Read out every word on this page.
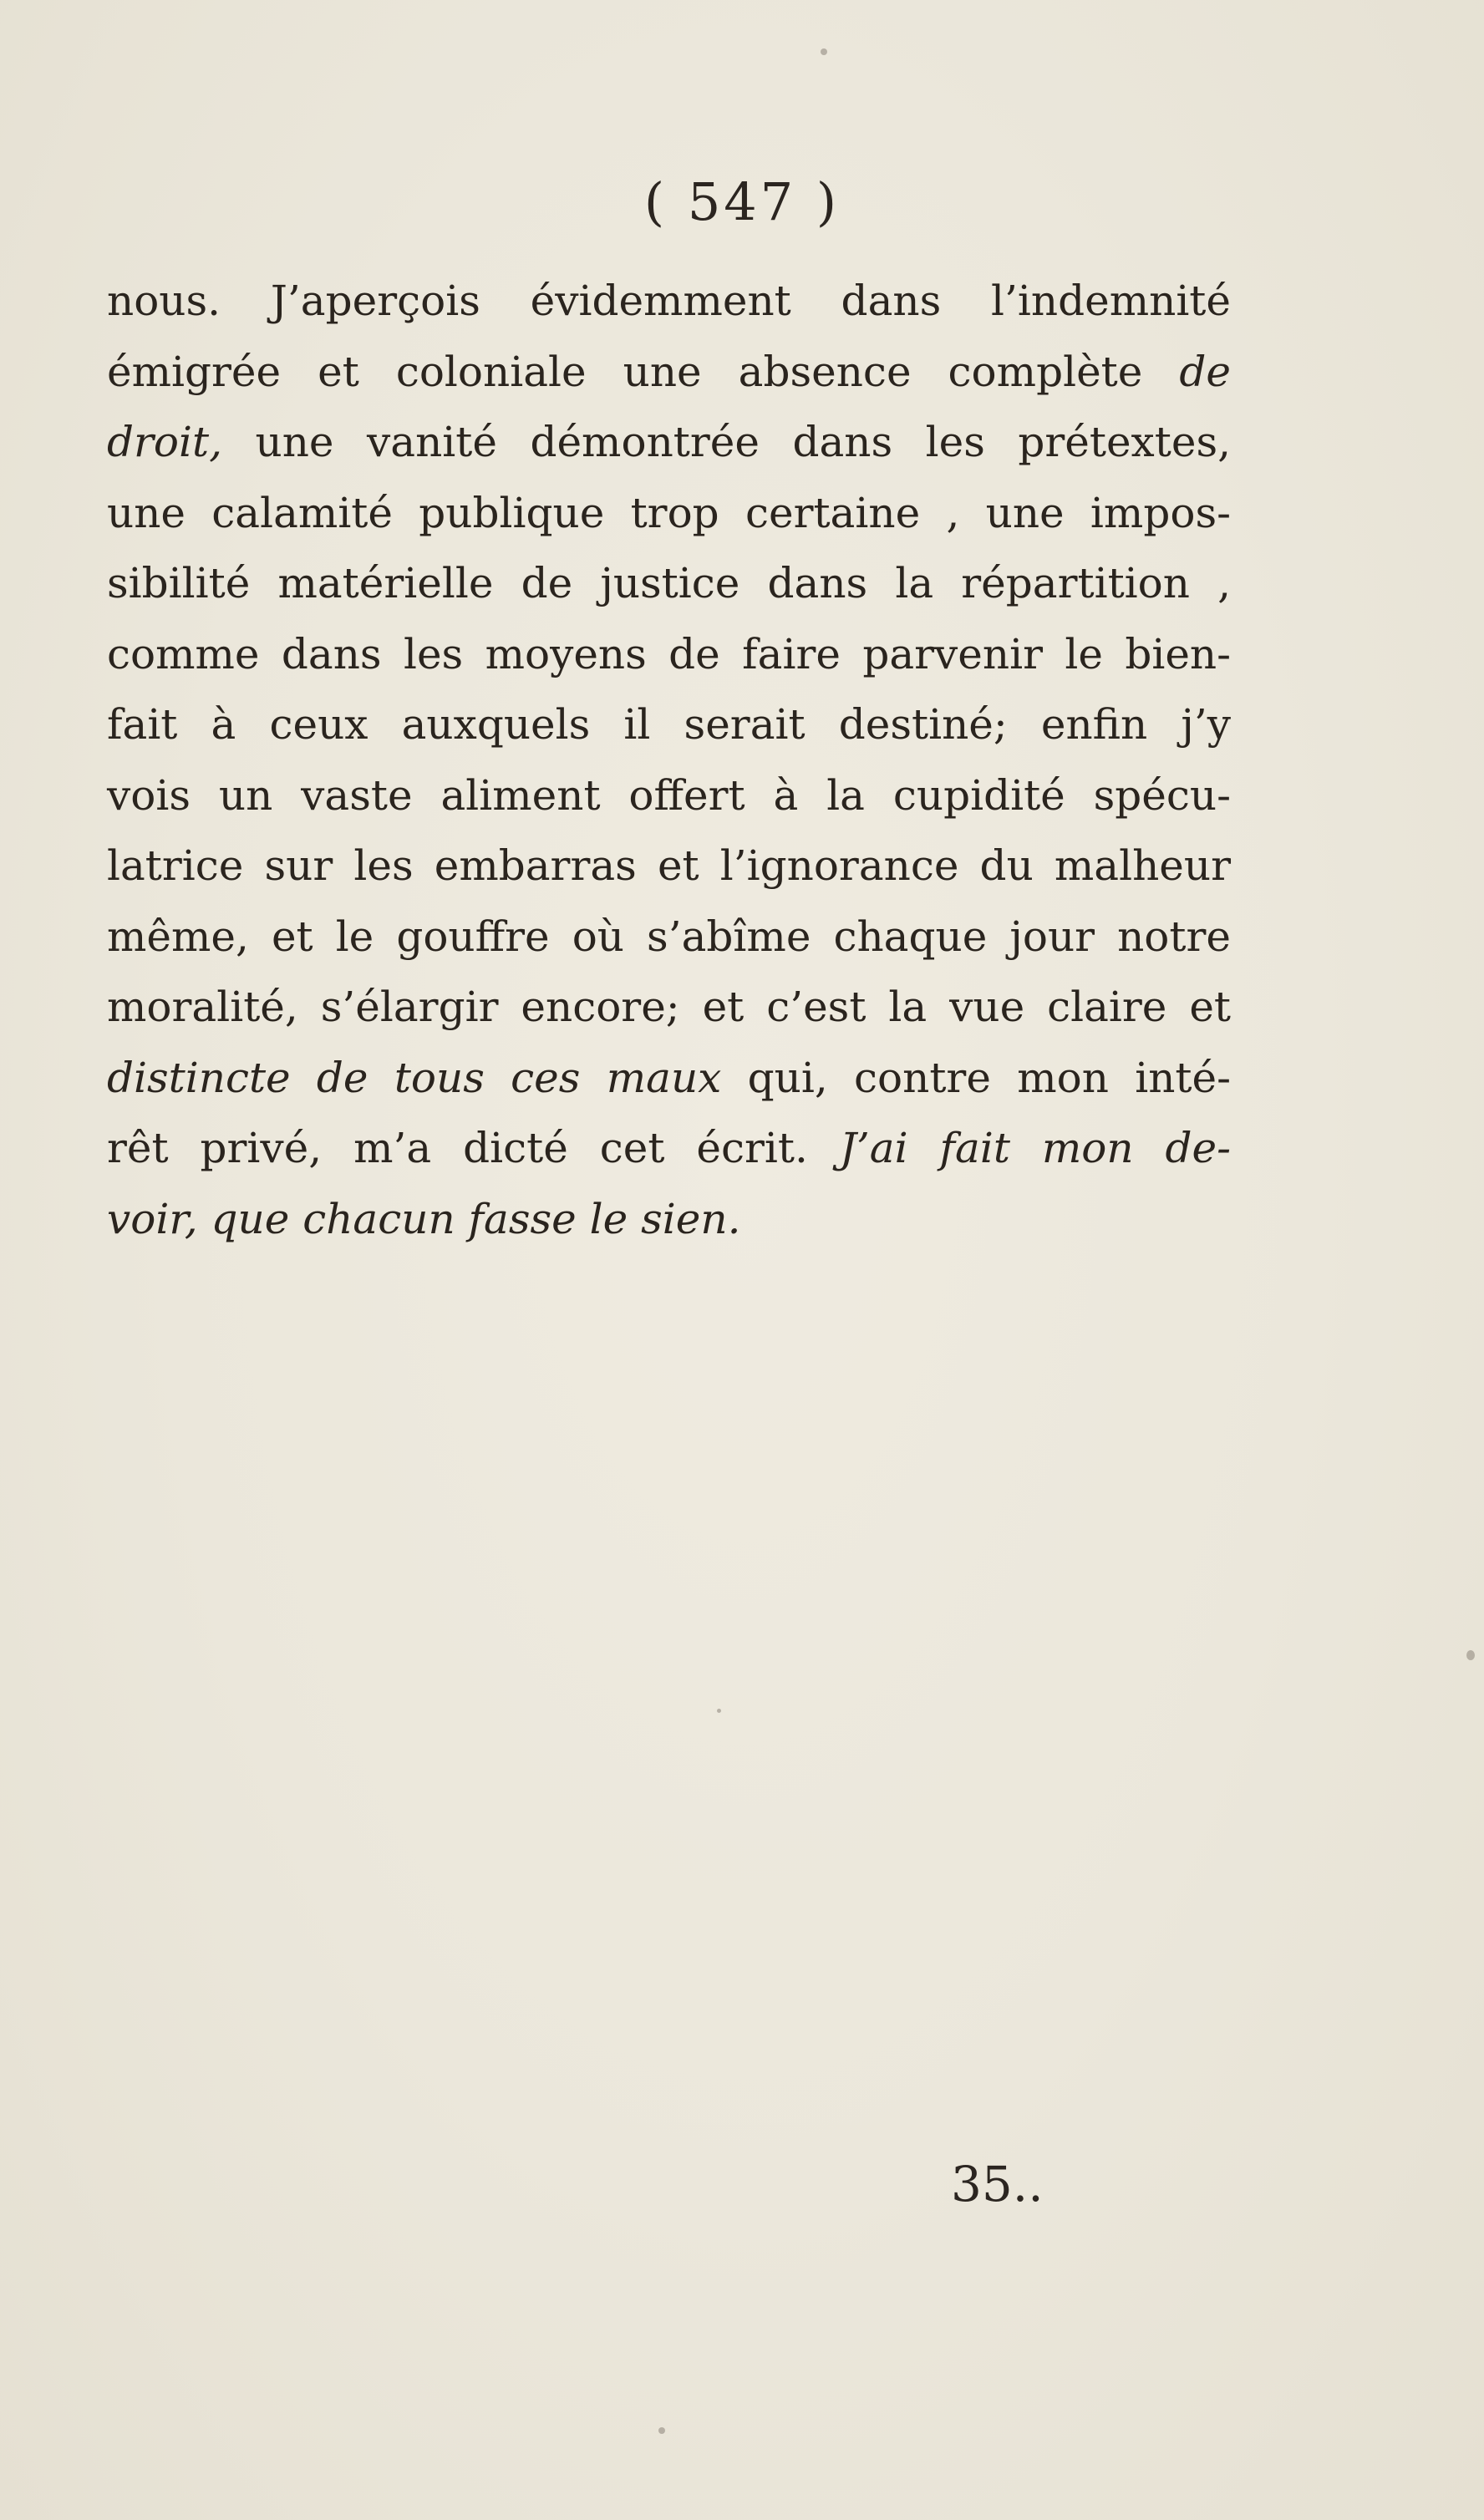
( 547 )
nous. J’aperçois évidemment dans l’indemnité
émigrée et coloniale une absence complète de
droit, une vanité démontrée dans les prétextes,
une calamité publique trop certaine , une impos-
sibilité matérielle de justice dans la répartition ,
comme dans les moyens de faire parvenir le bien-
fait à ceux auxquels il serait destiné; enfin j’y
vois un vaste aliment offert à la cupidité spécu-
latrice sur les embarras et l’ignorance du malheur
même, et le gouffre où s’abîme chaque jour notre
moralité, s’élargir encore; et c’est la vue claire et
distincte de tous ces maux qui, contre mon inté-
rêt privé, m’a dicté cet écrit. J’ai fait mon de-
voir, que chacun fasse le sien.
35..
